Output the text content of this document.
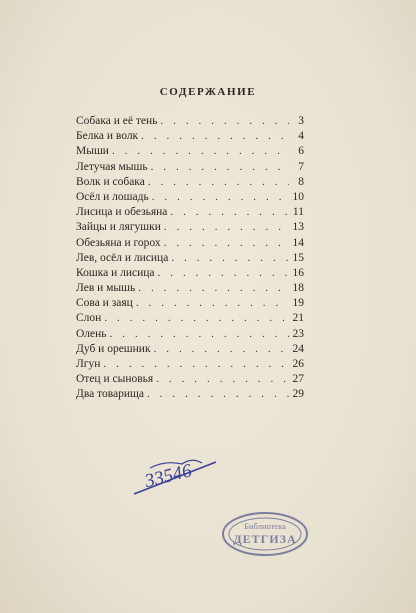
СОДЕРЖАНИЕ
Собака и её тень . . .	3
Белка и волк . . .	4
Мыши . . .	6
Летучая мышь . . .	7
Волк и собака . . .	8
Осёл и лошадь . . .	10
Лисица и обезьяна . . .	11
Зайцы и лягушки . . .	13
Обезьяна и горох . . .	14
Лев, осёл и лисица . . .	15
Кошка и лисица . . .	16
Лев и мышь . . .	18
Сова и заяц . . .	19
Слон . . .	21
Олень . . .	23
Дуб и орешник . . .	24
Лгун . . .	26
Отец и сыновья . . .	27
Два товарища . . .	29
33546
Библиотека
ДЕТГИЗА
